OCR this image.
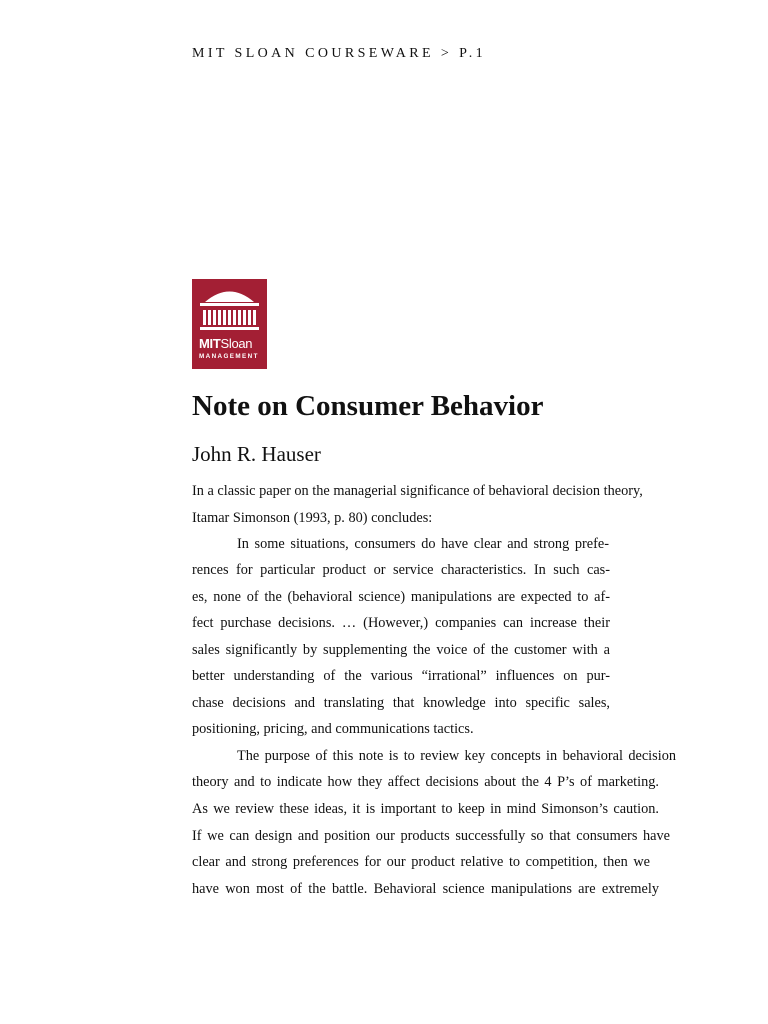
MIT SLOAN COURSEWARE > P.1
MITSloan
MANAGEMENT
Note on Consumer Behavior
John R. Hauser
In a classic paper on the managerial significance of behavioral decision theory,
Itamar Simonson (1993, p. 80) concludes:
In some situations, consumers do have clear and strong prefe-
rences for particular product or service characteristics. In such cas-
es, none of the (behavioral science) manipulations are expected to af-
fect purchase decisions. … (However,) companies can increase their
sales significantly by supplementing the voice of the customer with a
better understanding of the various “irrational” influences on pur-
chase decisions and translating that knowledge into specific sales,
positioning, pricing, and communications tactics.
The purpose of this note is to review key concepts in behavioral decision
theory and to indicate how they affect decisions about the 4 P’s of marketing.
As we review these ideas, it is important to keep in mind Simonson’s caution.
If we can design and position our products successfully so that consumers have
clear and strong preferences for our product relative to competition, then we
have won most of the battle. Behavioral science manipulations are extremely
